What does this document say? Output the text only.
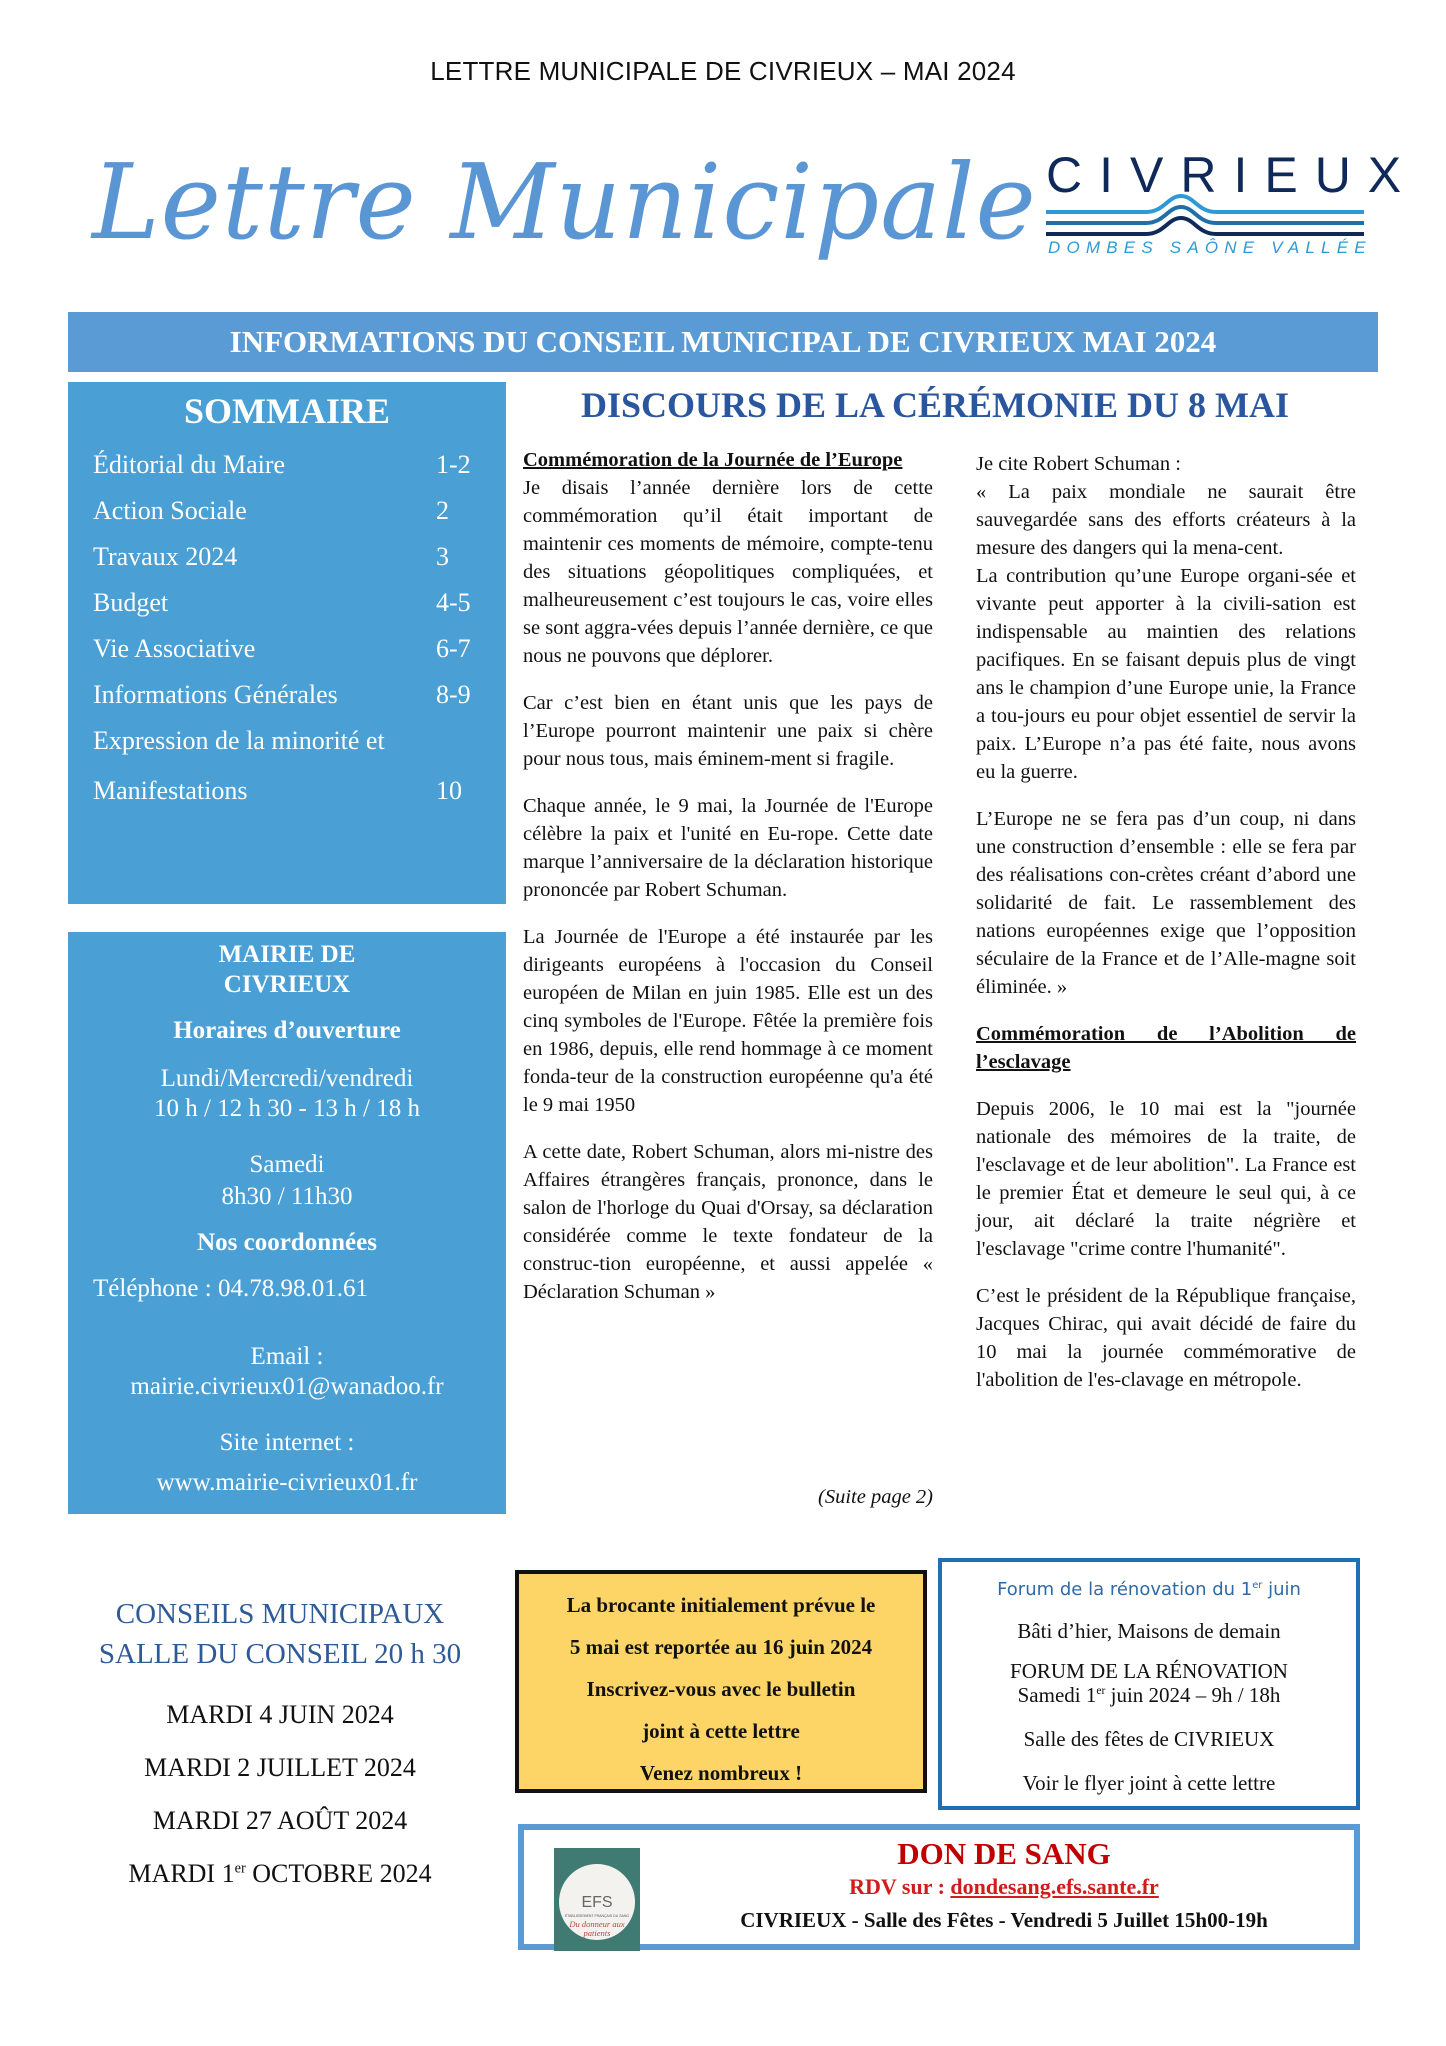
LETTRE MUNICIPALE DE CIVRIEUX – MAI 2024
Lettre Municipale CIVRIEUX
DOMBES SAÔNE VALLÉE
INFORMATIONS DU CONSEIL MUNICIPAL DE CIVRIEUX MAI 2024
SOMMAIRE
Éditorial du Maire	1-2
Action Sociale	2
Travaux 2024	3
Budget	4-5
Vie Associative	6-7
Informations Générales	8-9
Expression de la minorité et
Manifestations	10
MAIRIE DE
CIVRIEUX
Horaires d’ouverture
Lundi/Mercredi/vendredi
10 h / 12 h 30 - 13 h / 18 h
Samedi
8h30 / 11h30
Nos coordonnées
Téléphone : 04.78.98.01.61
Email :
mairie.civrieux01@wanadoo.fr
Site internet :
www.mairie-civrieux01.fr
DISCOURS DE LA CÉRÉMONIE DU 8 MAI
Commémoration de la Journée de l’Europe

Je disais l’année dernière lors de cette commémoration qu’il était important de maintenir ces moments de mémoire, compte-tenu des situations géopolitiques compliquées, et malheureusement c’est toujours le cas, voire elles se sont aggra-vées depuis l’année dernière, ce que nous ne pouvons que déplorer.

Car c’est bien en étant unis que les pays de l’Europe pourront maintenir une paix si chère pour nous tous, mais éminem-ment si fragile.

Chaque année, le 9 mai, la Journée de l'Europe célèbre la paix et l'unité en Eu-rope. Cette date marque l’anniversaire de la déclaration historique prononcée par Robert Schuman.

La Journée de l'Europe a été instaurée par les dirigeants européens à l'occasion du Conseil européen de Milan en juin 1985. Elle est un des cinq symboles de l'Europe. Fêtée la première fois en 1986, depuis, elle rend hommage à ce moment fonda-teur de la construction européenne qu'a été le 9 mai 1950

A cette date, Robert Schuman, alors mi-nistre des Affaires étrangères français, prononce, dans le salon de l'horloge du Quai d'Orsay, sa déclaration considérée comme le texte fondateur de la construc-tion européenne, et aussi appelée « Déclaration Schuman »

(Suite page 2)
Je cite Robert Schuman :
« La paix mondiale ne saurait être sauvegardée sans des efforts créateurs à la mesure des dangers qui la mena-cent.

La contribution qu’une Europe organi-sée et vivante peut apporter à la civili-sation est indispensable au maintien des relations pacifiques. En se faisant depuis plus de vingt ans le champion d’une Europe unie, la France a tou-jours eu pour objet essentiel de servir la paix. L’Europe n’a pas été faite, nous avons eu la guerre.

L’Europe ne se fera pas d’un coup, ni dans une construction d’ensemble : elle se fera par des réalisations con-crètes créant d’abord une solidarité de fait. Le rassemblement des nations européennes exige que l’opposition séculaire de la France et de l’Alle-magne soit éliminée. »

Commémoration de l’Abolition de l’esclavage

Depuis 2006, le 10 mai est la "journée nationale des mémoires de la traite, de l'esclavage et de leur abolition". La France est le premier État et demeure le seul qui, à ce jour, ait déclaré la traite négrière et l'esclavage "crime contre l'humanité".

C’est le président de la République française, Jacques Chirac, qui avait décidé de faire du 10 mai la journée commémorative de l'abolition de l'es-clavage en métropole.

CONSEILS MUNICIPAUX
SALLE DU CONSEIL 20 h 30
MARDI 4 JUIN 2024
MARDI 2 JUILLET 2024
MARDI 27 AOÛT 2024
MARDI 1er OCTOBRE 2024
La brocante initialement prévue le
5 mai est reportée au 16 juin 2024
Inscrivez-vous avec le bulletin
joint à cette lettre
Venez nombreux !
Forum de la rénovation du 1er juin
Bâti d’hier, Maisons de demain
FORUM DE LA RÉNOVATION
Samedi 1er juin 2024 – 9h / 18h
Salle des fêtes de CIVRIEUX
Voir le flyer joint à cette lettre
EFS
ÉTABLISSEMENT FRANÇAIS DU SANG
Du donneur aux patients
DON DE SANG
RDV sur : dondesang.efs.sante.fr
CIVRIEUX - Salle des Fêtes - Vendredi 5 Juillet 15h00-19h
